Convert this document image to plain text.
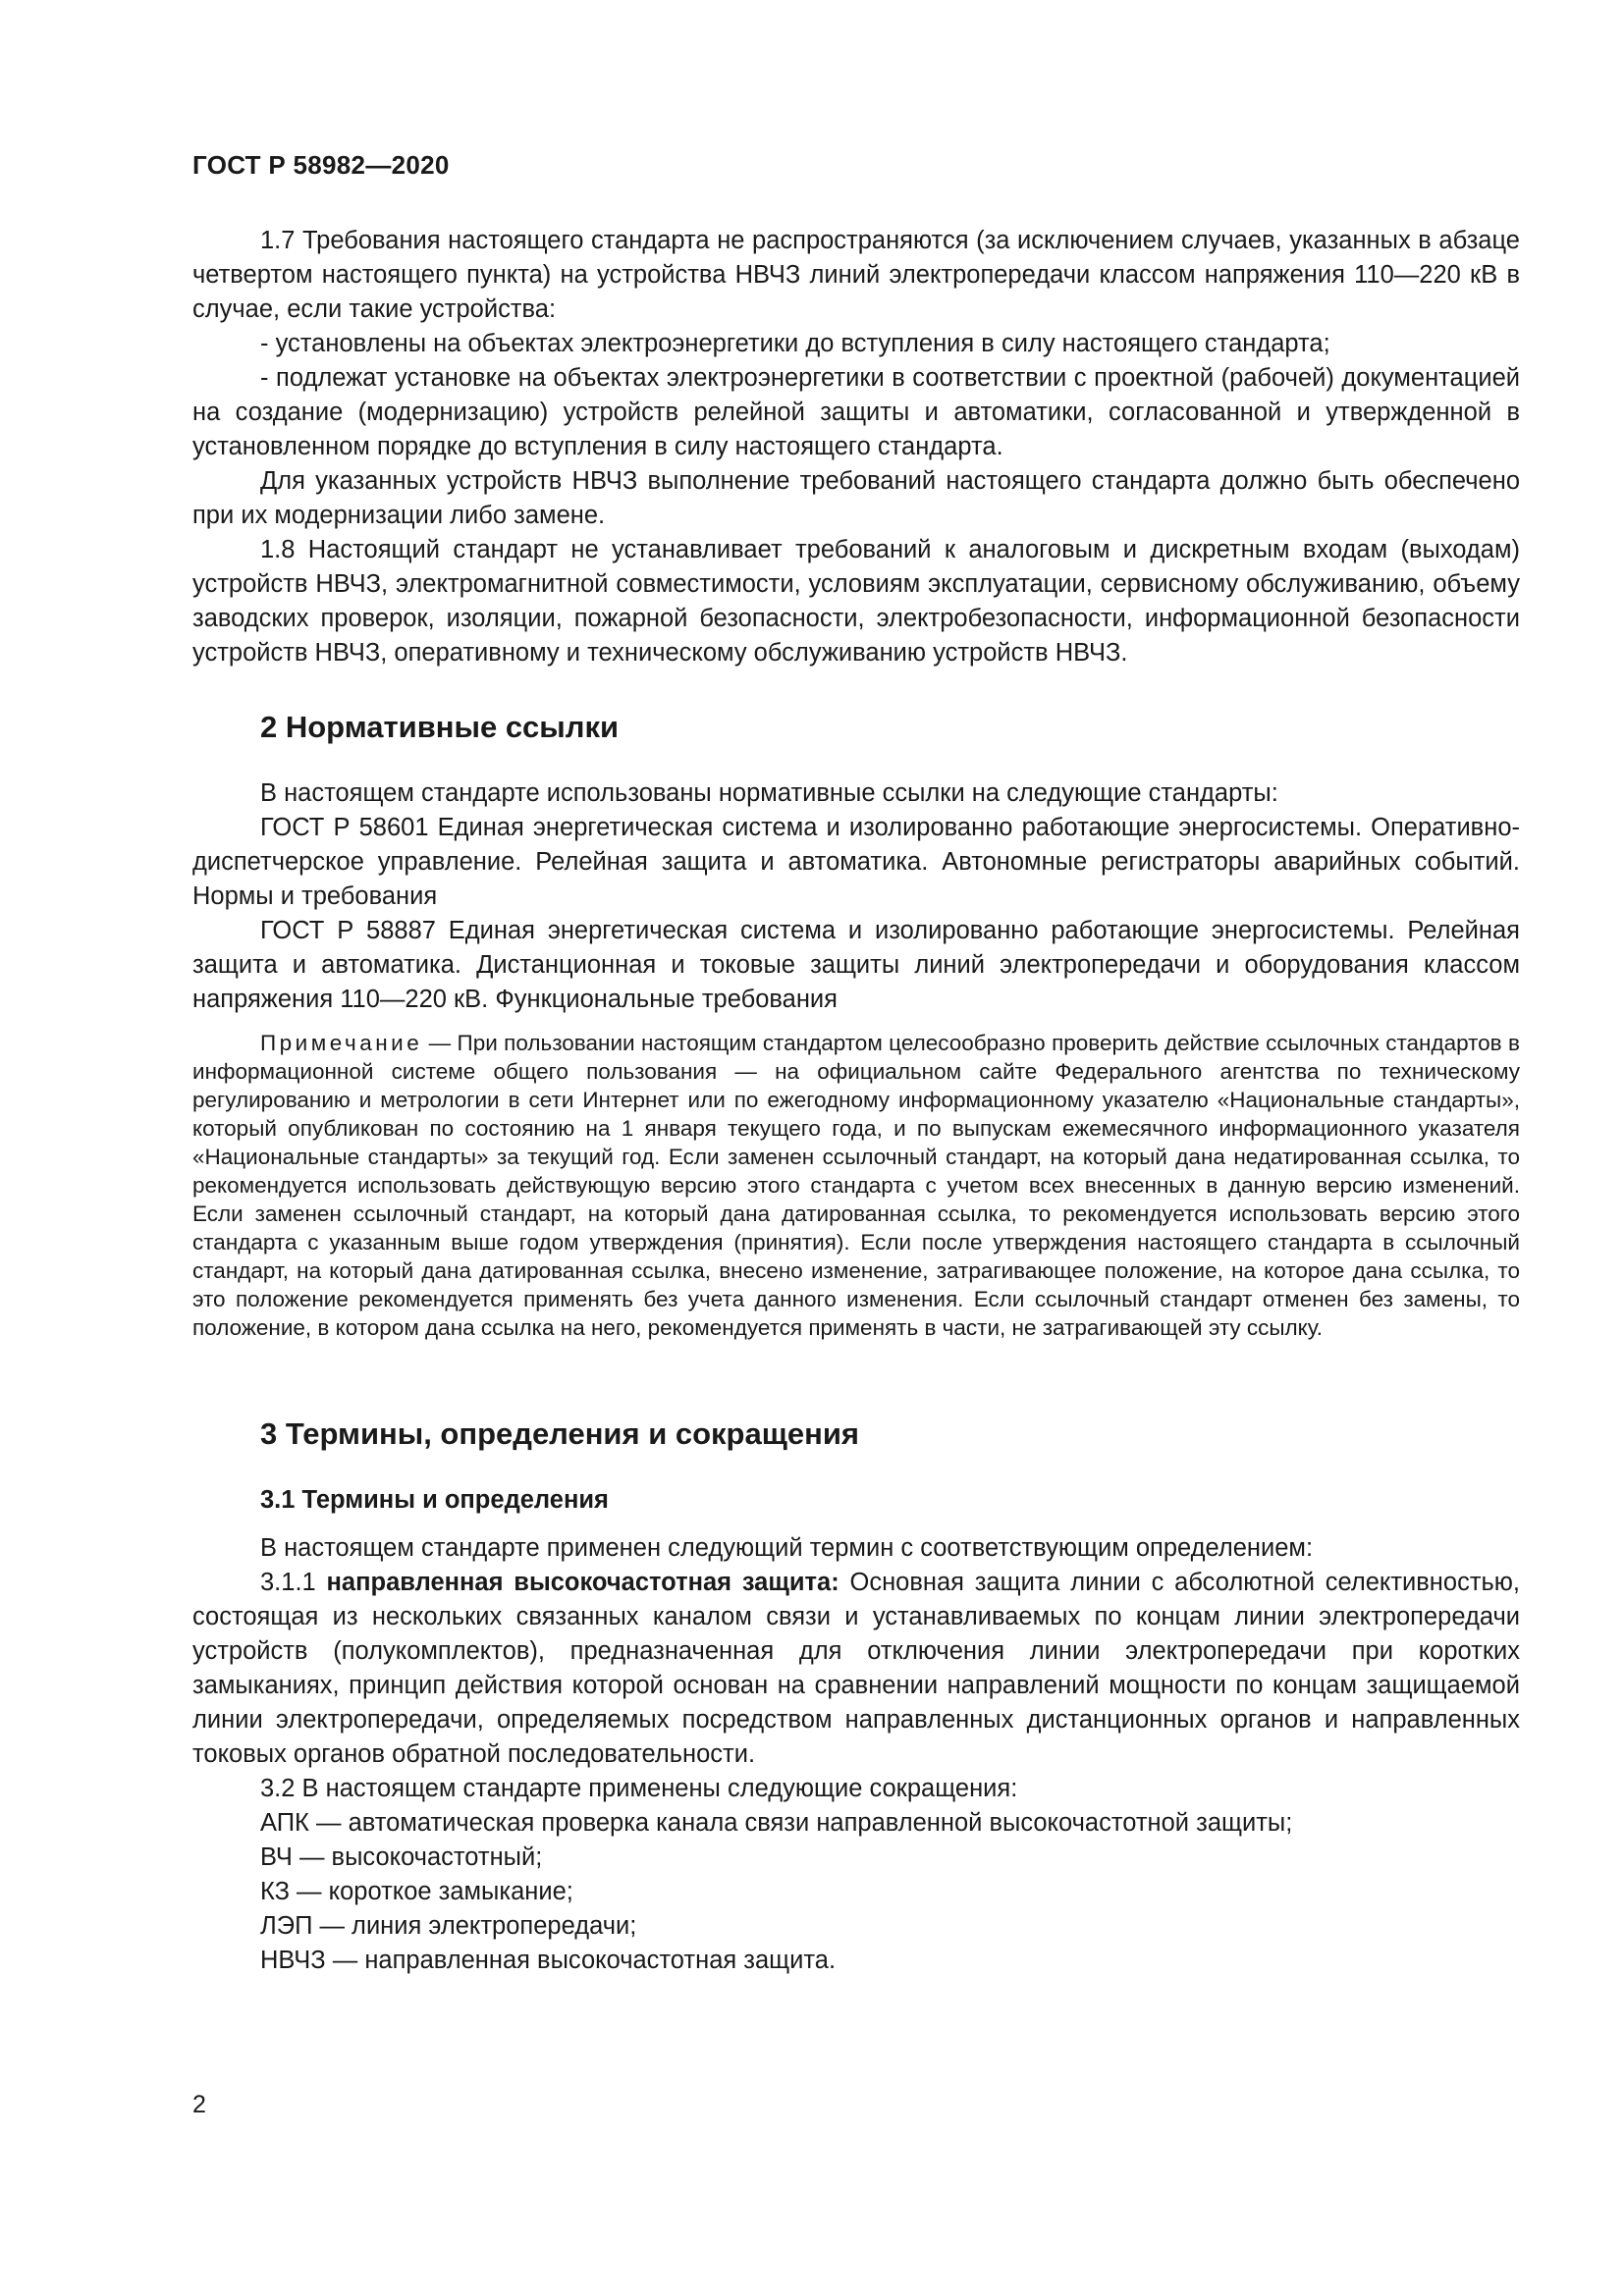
ГОСТ Р 58982—2020

1.7 Требования настоящего стандарта не распространяются (за исключением случаев, указанных в абзаце четвертом настоящего пункта) на устройства НВЧЗ линий электропередачи классом напряжения 110—220 кВ в случае, если такие устройства:

- установлены на объектах электроэнергетики до вступления в силу настоящего стандарта;

- подлежат установке на объектах электроэнергетики в соответствии с проектной (рабочей) документацией на создание (модернизацию) устройств релейной защиты и автоматики, согласованной и утвержденной в установленном порядке до вступления в силу настоящего стандарта.

Для указанных устройств НВЧЗ выполнение требований настоящего стандарта должно быть обеспечено при их модернизации либо замене.

1.8 Настоящий стандарт не устанавливает требований к аналоговым и дискретным входам (выходам) устройств НВЧЗ, электромагнитной совместимости, условиям эксплуатации, сервисному обслуживанию, объему заводских проверок, изоляции, пожарной безопасности, электробезопасности, информационной безопасности устройств НВЧЗ, оперативному и техническому обслуживанию устройств НВЧЗ.

2 Нормативные ссылки

В настоящем стандарте использованы нормативные ссылки на следующие стандарты:

ГОСТ Р 58601 Единая энергетическая система и изолированно работающие энергосистемы. Оперативно-диспетчерское управление. Релейная защита и автоматика. Автономные регистраторы аварийных событий. Нормы и требования

ГОСТ Р 58887 Единая энергетическая система и изолированно работающие энергосистемы. Релейная защита и автоматика. Дистанционная и токовые защиты линий электропередачи и оборудования классом напряжения 110—220 кВ. Функциональные требования

Примечание — При пользовании настоящим стандартом целесообразно проверить действие ссылочных стандартов в информационной системе общего пользования — на официальном сайте Федерального агентства по техническому регулированию и метрологии в сети Интернет или по ежегодному информационному указателю «Национальные стандарты», который опубликован по состоянию на 1 января текущего года, и по выпускам ежемесячного информационного указателя «Национальные стандарты» за текущий год. Если заменен ссылочный стандарт, на который дана недатированная ссылка, то рекомендуется использовать действующую версию этого стандарта с учетом всех внесенных в данную версию изменений. Если заменен ссылочный стандарт, на который дана датированная ссылка, то рекомендуется использовать версию этого стандарта с указанным выше годом утверждения (принятия). Если после утверждения настоящего стандарта в ссылочный стандарт, на который дана датированная ссылка, внесено изменение, затрагивающее положение, на которое дана ссылка, то это положение рекомендуется применять без учета данного изменения. Если ссылочный стандарт отменен без замены, то положение, в котором дана ссылка на него, рекомендуется применять в части, не затрагивающей эту ссылку.
3 Термины, определения и сокращения
3.1 Термины и определения

В настоящем стандарте применен следующий термин с соответствующим определением:

3.1.1 направленная высокочастотная защита: Основная защита линии с абсолютной селективностью, состоящая из нескольких связанных каналом связи и устанавливаемых по концам линии электропередачи устройств (полукомплектов), предназначенная для отключения линии электропередачи при коротких замыканиях, принцип действия которой основан на сравнении направлений мощности по концам защищаемой линии электропередачи, определяемых посредством направленных дистанционных органов и направленных токовых органов обратной последовательности.

3.2 В настоящем стандарте применены следующие сокращения:

АПК — автоматическая проверка канала связи направленной высокочастотной защиты;

ВЧ — высокочастотный;

КЗ — короткое замыкание;

ЛЭП — линия электропередачи;

НВЧЗ — направленная высокочастотная защита.

2
